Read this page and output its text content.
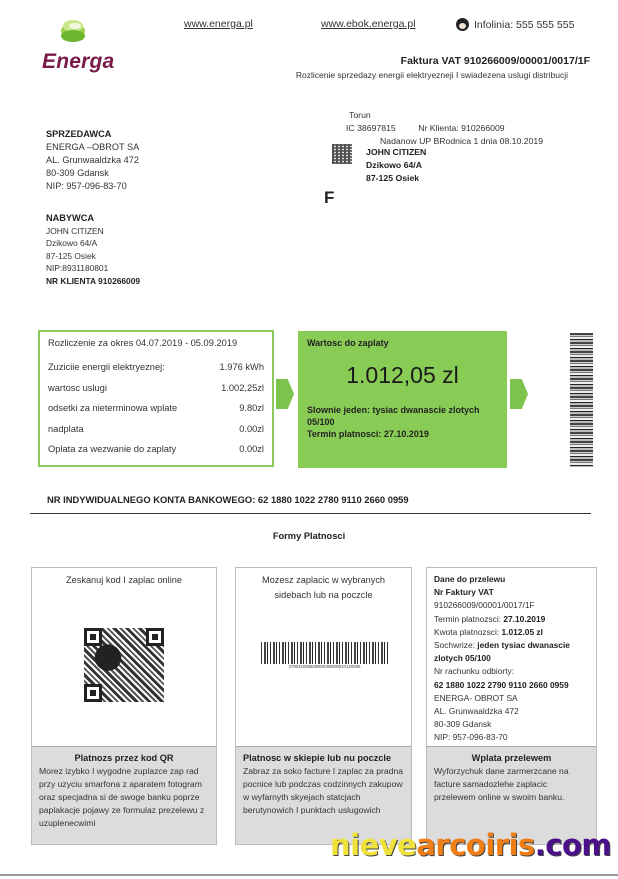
Energa
www.energa.pl	www.ebok.energa.pl	Infolinia: 555 555 555
Faktura VAT 910266009/00001/0017/1F
Rozlicenie sprzedazy energii elektryezneji I swiadezena uslugi distribucji
SPRZEDAWCA
ENERGA –OBROT SA
AL. Grunwaaldzka 472
80-309 Gdansk
NIP: 957-096-83-70
NABYWCA
JOHN CITIZEN
Dzikowo 64/A
87-125 Osiek
NIP:8931180801
NR KLIENTA 910266009
Torun
IC 38697815	Nr Klienta: 910266009
Nadanow UP BRodnica 1 dnia 08.10.2019
JOHN CITIZEN
Dzikowo 64/A
87-125 Osiek
F
Rozliczenie za okres 04.07.2019 - 05.09.2019
Zuziciie energii elektryeznej:	1.976 kWh
wartosc uslugi	1.002,25zl
odsetki za nieterminowa wplate	9.80zl
nadplata	0.00zl
Oplata za wezwanie do zaplaty	0.00zl
Wartosc do zaplaty
1.012,05 zl
Slownie jeden: tysiac dwanascie zlotych 05/100
Termin platnosci: 27.10.2019
NR INDYWIDUALNEGO KONTA BANKOWEGO: 62 1880 1022 2780 9110 2660 0959
Formy Platnosci
Zeskanuj kod I zaplac online
Platnozs przez kod QR
Morez izybko I wygodne zuplazce zap rad przy uzyciu smarfona z aparatem fotogram oraz specjadna si de swoge banku poprze paplakacje pojawy ze formulaz prezelewu z uzuplenecwimi
Mozesz zaplacic w wybranych sidebach lub na poczcle
279011026600903009000010120006
Platnosc w skiepie lub nu poczcle
Zabraz za soko facture I zaplac za pradna pocnice lub podczas codzinnych zakupow w wyfarnyth skyejach statcjach berutynowich I punktach uslugowich
Dane do przelewu
Nr Faktury VAT
910266009/00001/0017/1F
Termin platnozsci: 27.10.2019
Kwota platnozsci: 1.012.05 zl
Sochwrize: jeden tysiac dwanascie zlotych 05/100
Nr rachunku odbiorty:
62 1880 1022 2790 9110 2660 0959
ENERGA- OBROT SA
AL. Grunwaaldzka 472
80-309 Gdansk
NIP: 957-096-83-70
Wplata przelewem
Wyforzychuk dane zarmerzcane na facture samadozlehe zaplacic przelewem online w swoim banku.
nievearcoiris.com
